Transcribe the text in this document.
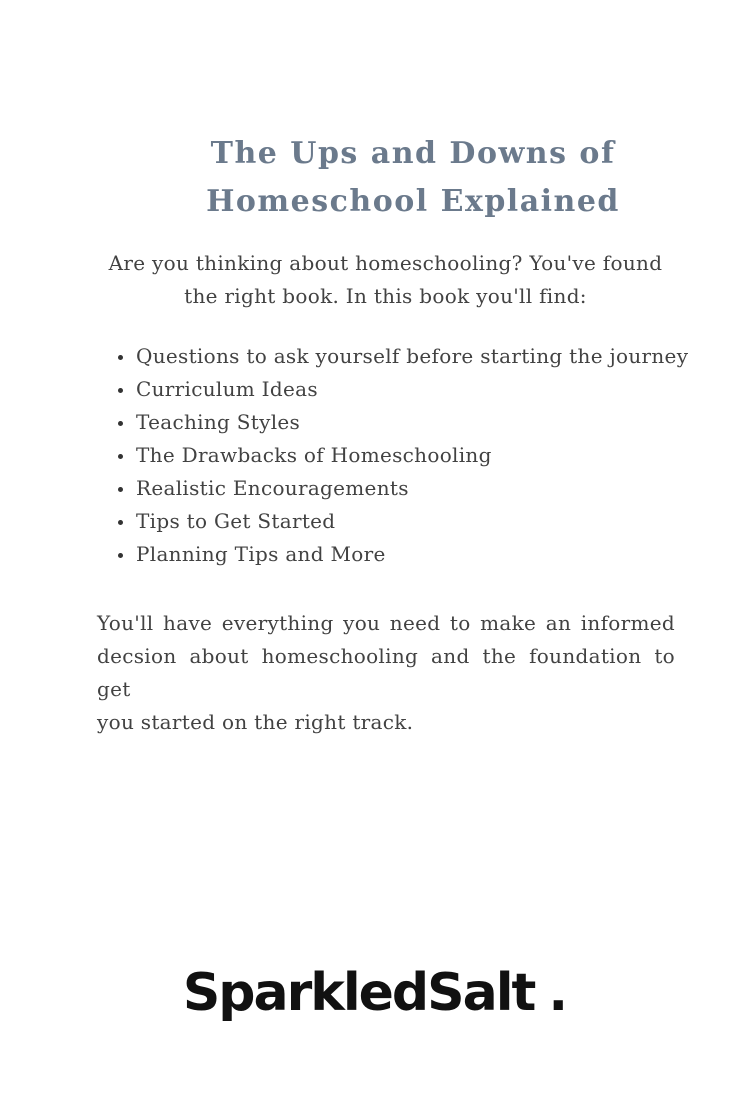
The Ups and Downs of
Homeschool Explained

Are you thinking about homeschooling? You've found
the right book. In this book you'll find:

Questions to ask yourself before starting the journey
Curriculum Ideas
Teaching Styles
The Drawbacks of Homeschooling
Realistic Encouragements
Tips to Get Started
Planning Tips and More

You'll have everything you need to make an informed
decsion about homeschooling and the foundation to get
you started on the right track.

SparkledSalt .
